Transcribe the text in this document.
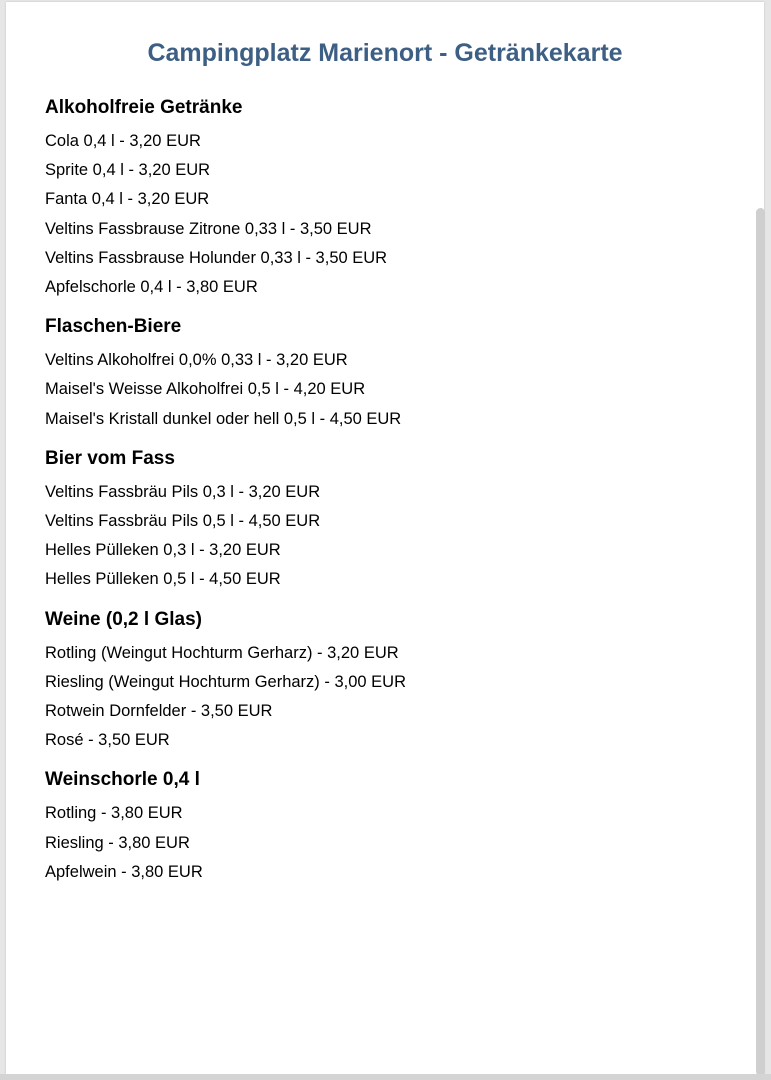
Campingplatz Marienort - Getränkekarte
Alkoholfreie Getränke
Cola 0,4 l - 3,20 EUR
Sprite 0,4 l - 3,20 EUR
Fanta 0,4 l - 3,20 EUR
Veltins Fassbrause Zitrone 0,33 l - 3,50 EUR
Veltins Fassbrause Holunder 0,33 l - 3,50 EUR
Apfelschorle 0,4 l - 3,80 EUR
Flaschen-Biere
Veltins Alkoholfrei 0,0% 0,33 l - 3,20 EUR
Maisel's Weisse Alkoholfrei 0,5 l - 4,20 EUR
Maisel's Kristall dunkel oder hell 0,5 l - 4,50 EUR
Bier vom Fass
Veltins Fassbräu Pils 0,3 l - 3,20 EUR
Veltins Fassbräu Pils 0,5 l - 4,50 EUR
Helles Pülleken 0,3 l - 3,20 EUR
Helles Pülleken 0,5 l - 4,50 EUR
Weine (0,2 l Glas)
Rotling (Weingut Hochturm Gerharz) - 3,20 EUR
Riesling (Weingut Hochturm Gerharz) - 3,00 EUR
Rotwein Dornfelder - 3,50 EUR
Rosé - 3,50 EUR
Weinschorle 0,4 l
Rotling - 3,80 EUR
Riesling - 3,80 EUR
Apfelwein - 3,80 EUR
